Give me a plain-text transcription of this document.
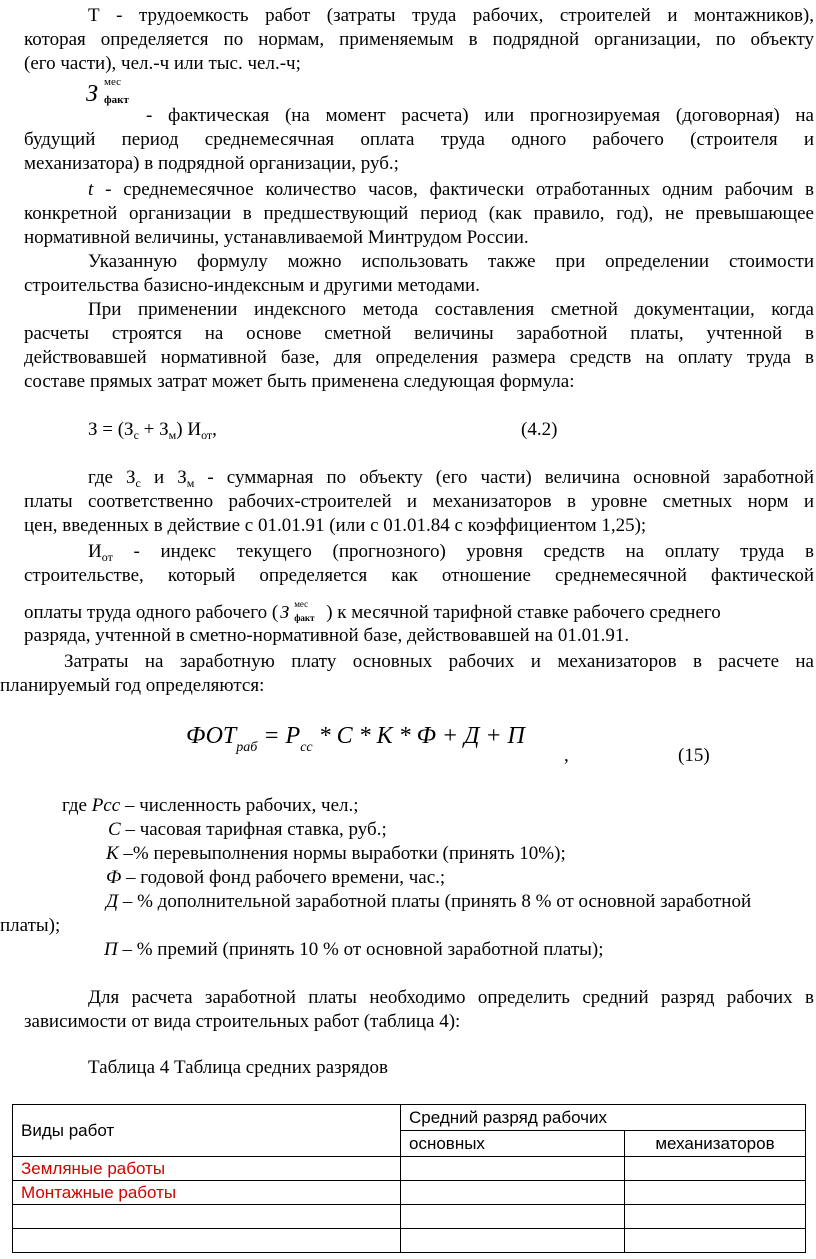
Т - трудоемкость работ (затраты труда рабочих, строителей и монтажников),
которая определяется по нормам, применяемым в подрядной организации, по объекту
(его части), чел.-ч или тыс. чел.-ч;
З мес
факт
- фактическая (на момент расчета) или прогнозируемая (договорная) на
будущий период среднемесячная оплата труда одного рабочего (строителя и
механизатора) в подрядной организации, руб.;
t - среднемесячное количество часов, фактически отработанных одним рабочим в
конкретной организации в предшествующий период (как правило, год), не превышающее
нормативной величины, устанавливаемой Минтрудом России.
Указанную формулу можно использовать также при определении стоимости
строительства базисно-индексным и другими методами.
При применении индексного метода составления сметной документации, когда
расчеты строятся на основе сметной величины заработной платы, учтенной в
действовавшей нормативной базе, для определения размера средств на оплату труда в
составе прямых затрат может быть применена следующая формула:
$З = (З_с + З_м)$ $И_{от}$,	(4.2)
где $З_с$ и $З_м$ - суммарная по объекту (его части) величина основной заработной
платы соответственно рабочих-строителей и механизаторов в уровне сметных норм и
цен, введенных в действие с 01.01.91 (или с 01.01.84 с коэффициентом 1,25);
$И_{от}$ - индекс текущего (прогнозного) уровня средств на оплату труда в
строительстве, который определяется как отношение среднемесячной фактической
оплаты труда одного рабочего ( З мес
факт ) к месячной тарифной ставке рабочего среднего
разряда, учтенной в сметно-нормативной базе, действовавшей на 01.01.91.
Затраты на заработную плату основных рабочих и механизаторов в расчете на
планируемый год определяются:
$ФОТ_{раб} = P_{сс} * C * К * Ф + Д + П$
,	(15)
где Рсс – численность рабочих, чел.;
С – часовая тарифная ставка, руб.;
К –% перевыполнения нормы выработки (принять 10%);
Ф – годовой фонд рабочего времени, час.;
Д – % дополнительной заработной платы (принять 8 % от основной заработной
платы);
П – % премий (принять 10 % от основной заработной платы);
Для расчета заработной платы необходимо определить средний разряд рабочих в
зависимости от вида строительных работ (таблица 4):
Таблица 4 Таблица средних разрядов
Виды работ	Средний разряд рабочих	
	основных	механизаторов
Земляные работы		
Монтажные работы		
